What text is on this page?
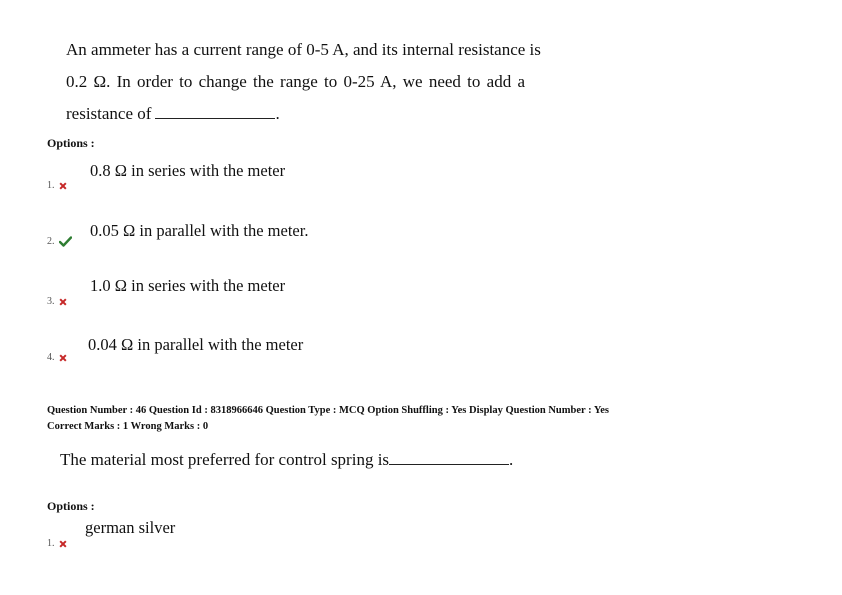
An ammeter has a current range of 0-5 A, and its internal resistance is
0.2 Ω. In order to change the range to 0-25 A, we need to add a
resistance of	.
Options :
0.8 Ω in series with the meter
1.
0.05 Ω in parallel with the meter.
2.
1.0 Ω in series with the meter
3.
0.04 Ω in parallel with the meter
4.
Question Number : 46 Question Id : 8318966646 Question Type : MCQ Option Shuffling : Yes Display Question Number : Yes
Correct Marks : 1 Wrong Marks : 0
The material most preferred for control spring is	.
Options :
german silver
1.
